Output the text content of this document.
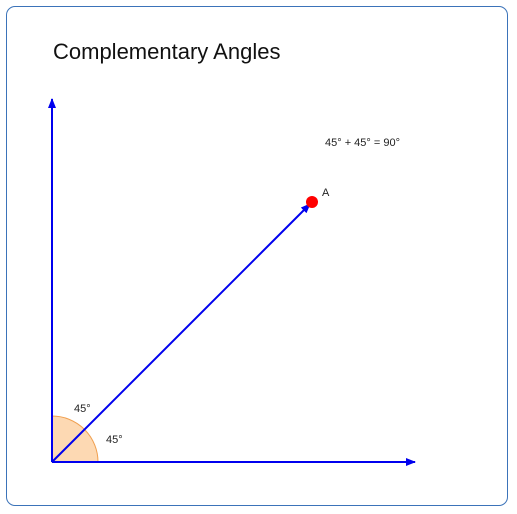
Complementary Angles
A
45° + 45° = 90°
45°
45°
